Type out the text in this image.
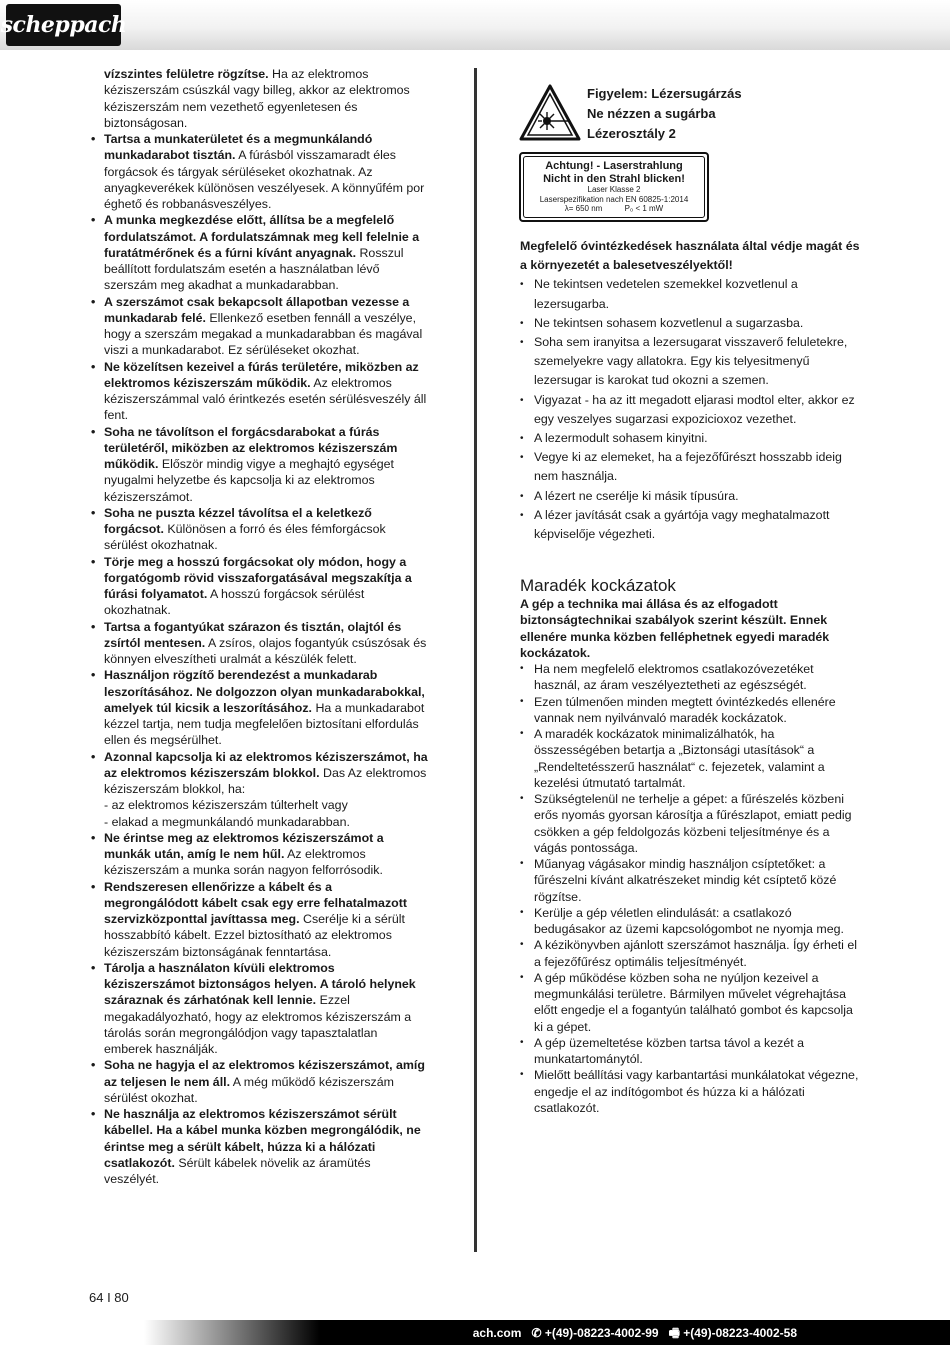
scheppach
vízszintes felületre rögzítse. Ha az elektromos kéziszerszám csúszkál vagy billeg, akkor az elektromos kéziszerszám nem vezethető egyenletesen és biztonságosan.
• Tartsa a munkaterületet és a megmunkálandó munkadarabot tisztán. A fúrásból visszamaradt éles forgácsok és tárgyak sérüléseket okozhatnak. Az anyagkeverékek különösen veszélyesek. A könnyűfém por éghető és robbanásveszélyes.
• A munka megkezdése előtt, állítsa be a megfelelő fordulatszámot. A fordulatszámnak meg kell felelnie a furatátmérőnek és a fúrni kívánt anyagnak. Rosszul beállított fordulatszám esetén a használatban lévő szerszám meg akadhat a munkadarabban.
• A szerszámot csak bekapcsolt állapotban vezesse a munkadarab felé. Ellenkező esetben fennáll a veszélye, hogy a szerszám megakad a munkadarabban és magával viszi a munkadarabot. Ez sérüléseket okozhat.
• Ne közelítsen kezeivel a fúrás területére, miközben az elektromos kéziszerszám működik. Az elektromos kéziszerszámmal való érintkezés esetén sérülésveszély áll fent.
• Soha ne távolítson el forgácsdarabokat a fúrás területéről, miközben az elektromos kéziszerszám működik. Először mindig vigye a meghajtó egységet nyugalmi helyzetbe és kapcsolja ki az elektromos kéziszerszámot.
• Soha ne puszta kézzel távolítsa el a keletkező forgácsot. Különösen a forró és éles fémforgácsok sérülést okozhatnak.
• Törje meg a hosszú forgácsokat oly módon, hogy a forgatógomb rövid visszaforgatásával megszakítja a fúrási folyamatot. A hosszú forgácsok sérülést okozhatnak.
• Tartsa a fogantyúkat szárazon és tisztán, olajtól és zsírtól mentesen. A zsíros, olajos fogantyúk csúszósak és könnyen elveszítheti uralmát a készülék felett.
• Használjon rögzítő berendezést a munkadarab leszorításához. Ne dolgozzon olyan munkadarabokkal, amelyek túl kicsik a leszorításához. Ha a munkadarabot kézzel tartja, nem tudja megfelelően biztosítani elfordulás ellen és megsérülhet.
• Azonnal kapcsolja ki az elektromos kéziszerszámot, ha az elektromos kéziszerszám blokkol. Das Az elektromos kéziszerszám blokkol, ha:
- az elektromos kéziszerszám túlterhelt vagy
- elakad a megmunkálandó munkadarabban.
• Ne érintse meg az elektromos kéziszerszámot a munkák után, amíg le nem hűl. Az elektromos kéziszerszám a munka során nagyon felforrósodik.
• Rendszeresen ellenőrizze a kábelt és a megrongálódott kábelt csak egy erre felhatalmazott szervizközponttal javíttassa meg. Cserélje ki a sérült hosszabbító kábelt. Ezzel biztosítható az elektromos kéziszerszám biztonságának fenntartása.
• Tárolja a használaton kívüli elektromos kéziszerszámot biztonságos helyen. A tároló helynek száraznak és zárhatónak kell lennie. Ezzel megakadályozható, hogy az elektromos kéziszerszám a tárolás során megrongálódjon vagy tapasztalatlan emberek használják.
• Soha ne hagyja el az elektromos kéziszerszámot, amíg az teljesen le nem áll. A még működő kéziszerszám sérülést okozhat.
• Ne használja az elektromos kéziszerszámot sérült kábellel. Ha a kábel munka közben megrongálódik, ne érintse meg a sérült kábelt, húzza ki a hálózati csatlakozót. Sérült kábelek növelik az áramütés veszélyét.
Figyelem: Lézersugárzás
Ne nézzen a sugárba
Lézerosztály 2
Achtung! - Laserstrahlung
Nicht in den Strahl blicken!
Laser Klasse 2
Laserspezifikation nach EN 60825-1:2014
λ= 650 nm          P₀ < 1 mW
Megfelelő óvintézkedések használata által védje magát és a környezetét a balesetveszélyektől!
• Ne tekintsen vedetelen szemekkel kozvetlenul a lezersugarba.
• Ne tekintsen sohasem kozvetlenul a sugarzasba.
• Soha sem iranyitsa a lezersugarat visszaverő feluletekre, szemelyekre vagy allatokra. Egy kis telyesitmenyű lezersugar is karokat tud okozni a szemen.
• Vigyazat - ha az itt megadott eljarasi modtol elter, akkor ez egy veszelyes sugarzasi expozicioхoz vezethet.
• A lezermodult sohasem kinyitni.
• Vegye ki az elemeket, ha a fejezőfűrészt hosszabb ideig nem használja.
• A lézert ne cserélje ki másik típusúra.
• A lézer javítását csak a gyártója vagy meghatalmazott képviselője végezheti.
Maradék kockázatok
A gép a technika mai állása és az elfogadott biztonságtechnikai szabályok szerint készült. Ennek ellenére munka közben felléphetnek egyedi maradék kockázatok.
• Ha nem megfelelő elektromos csatlakozóvezetéket használ, az áram veszélyeztetheti az egészségét.
• Ezen túlmenően minden megtett óvintézkedés ellenére vannak nem nyilvánvaló maradék kockázatok.
• A maradék kockázatok minimalizálhatók, ha összességében betartja a „Biztonsági utasítások“ a „Rendeltetésszerű használat“ c. fejezetek, valamint a kezelési útmutató tartalmát.
• Szükségtelenül ne terhelje a gépet: a fűrészelés közbeni erős nyomás gyorsan károsítja a fűrészlapot, emiatt pedig csökken a gép feldolgozás közbeni teljesítménye és a vágás pontossága.
• Műanyag vágásakor mindig használjon csíptetőket: a fűrészelni kívánt alkatrészeket mindig két csíptető közé rögzítse.
• Kerülje a gép véletlen elindulását: a csatlakozó bedugásakor az üzemi kapcsológombot ne nyomja meg.
• A kézikönyvben ajánlott szerszámot használja. Így érheti el a fejezőfűrész optimális teljesítményét.
• A gép működése közben soha ne nyúljon kezeivel a megmunkálási területre. Bármilyen művelet végrehajtása előtt engedje el a fogantyún található gombot és kapcsolja ki a gépet.
• A gép üzemeltetése közben tartsa távol a kezét a munkatartománytól.
• Mielőtt beállítási vagy karbantartási munkálatokat végezne, engedje el az indítógombot és húzza ki a hálózati csatlakozót.
64 I 80
ach.com ✆ +(49)-08223-4002-99 🖷 +(49)-08223-4002-58
